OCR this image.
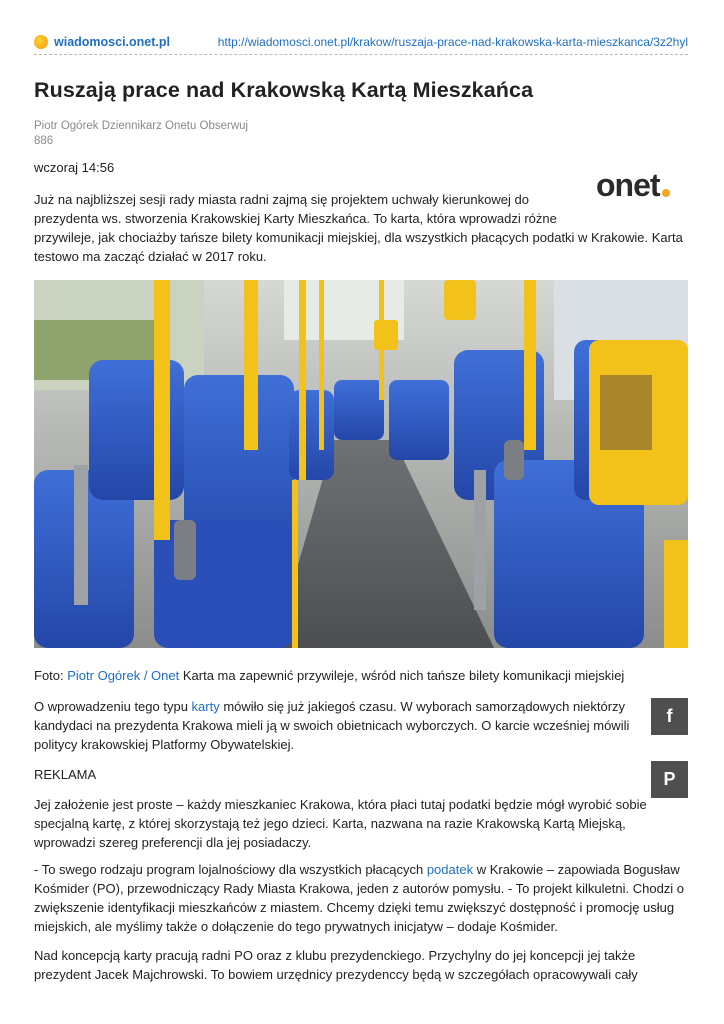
wiadomosci.onet.pl	http://wiadomosci.onet.pl/krakow/ruszaja-prace-nad-krakowska-karta-mieszkanca/3z2hyl
Ruszają prace nad Krakowską Kartą Mieszkańca
Piotr Ogórek Dziennikarz Onetu Obserwuj
886
wczoraj 14:56	onet

Już na najbliższej sesji rady miasta radni zajmą się projektem uchwały kierunkowej do prezydenta ws. stworzenia Krakowskiej Karty Mieszkańca. To karta, która wprowadzi różne

przywileje, jak chociażby tańsze bilety komunikacji miejskiej, dla wszystkich płacących podatki w Krakowie. Karta testowo ma zacząć działać w 2017 roku.

Foto: Piotr Ogórek / Onet Karta ma zapewnić przywileje, wśród nich tańsze bilety komunikacji miejskiej

O wprowadzeniu tego typu karty mówiło się już jakiegoś czasu. W wyborach samorządowych niektórzy kandydaci na prezydenta Krakowa mieli ją w swoich obietnicach wyborczych. O karcie wcześniej mówili politycy krakowskiej Platformy Obywatelskiej.

REKLAMA

Jej założenie jest proste – każdy mieszkaniec Krakowa, która płaci tutaj podatki będzie mógł wyrobić sobie specjalną kartę, z której skorzystają też jego dzieci. Karta, nazwana na razie Krakowską Kartą Miejską, wprowadzi szereg preferencji dla jej posiadaczy.

- To swego rodzaju program lojalnościowy dla wszystkich płacących podatek w Krakowie – zapowiada Bogusław Kośmider (PO), przewodniczący Rady Miasta Krakowa, jeden z autorów pomysłu. - To projekt kilkuletni. Chodzi o zwiększenie identyfikacji mieszkańców z miastem. Chcemy dzięki temu zwiększyć dostępność i promocję usług miejskich, ale myślimy także o dołączenie do tego prywatnych inicjatyw – dodaje Kośmider.

Nad koncepcją karty pracują radni PO oraz z klubu prezydenckiego. Przychylny do jej koncepcji jej także prezydent Jacek Majchrowski. To bowiem urzędnicy prezydenccy będą w szczegółach opracowywali cały

f
P
